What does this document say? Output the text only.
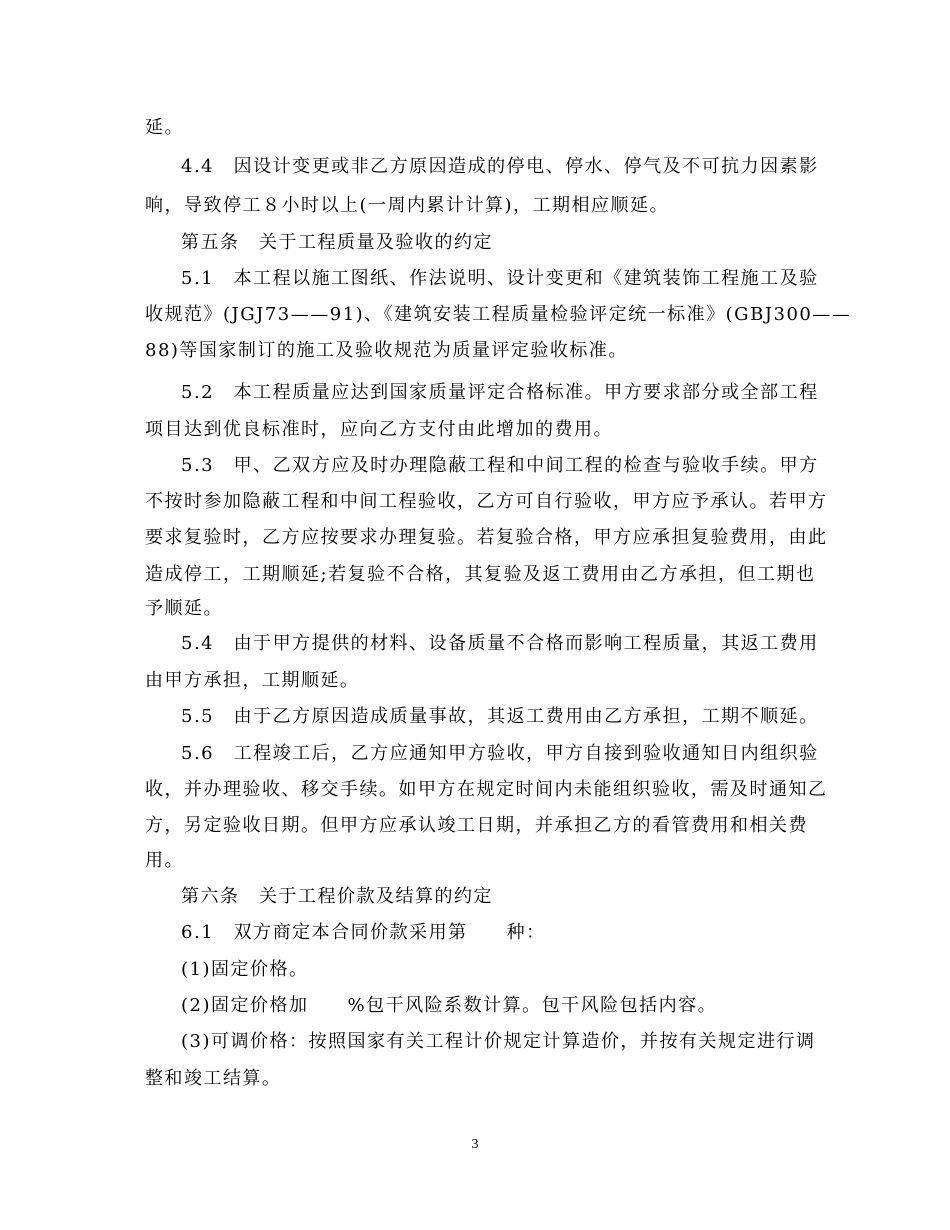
延。

4.4　因设计变更或非乙方原因造成的停电、停水、停气及不可抗力因素影

响，导致停工８小时以上(一周内累计计算)，工期相应顺延。

第五条　关于工程质量及验收的约定

5.1　本工程以施工图纸、作法说明、设计变更和《建筑装饰工程施工及验

收规范》(JGJ73——91)、《建筑安装工程质量检验评定统一标准》(GBJ300——

88)等国家制订的施工及验收规范为质量评定验收标准。

5.2　本工程质量应达到国家质量评定合格标准。甲方要求部分或全部工程

项目达到优良标准时，应向乙方支付由此增加的费用。

5.3　甲、乙双方应及时办理隐蔽工程和中间工程的检查与验收手续。甲方

不按时参加隐蔽工程和中间工程验收，乙方可自行验收，甲方应予承认。若甲方

要求复验时，乙方应按要求办理复验。若复验合格，甲方应承担复验费用，由此

造成停工，工期顺延;若复验不合格，其复验及返工费用由乙方承担，但工期也

予顺延。

5.4　由于甲方提供的材料、设备质量不合格而影响工程质量，其返工费用

由甲方承担，工期顺延。

5.5　由于乙方原因造成质量事故，其返工费用由乙方承担，工期不顺延。

5.6　工程竣工后，乙方应通知甲方验收，甲方自接到验收通知日内组织验

收，并办理验收、移交手续。如甲方在规定时间内未能组织验收，需及时通知乙

方，另定验收日期。但甲方应承认竣工日期，并承担乙方的看管费用和相关费

用。

第六条　关于工程价款及结算的约定

6.1　双方商定本合同价款采用第　　种：

(1)固定价格。

(2)固定价格加　　%包干风险系数计算。包干风险包括内容。

(3)可调价格：按照国家有关工程计价规定计算造价，并按有关规定进行调

整和竣工结算。

3
